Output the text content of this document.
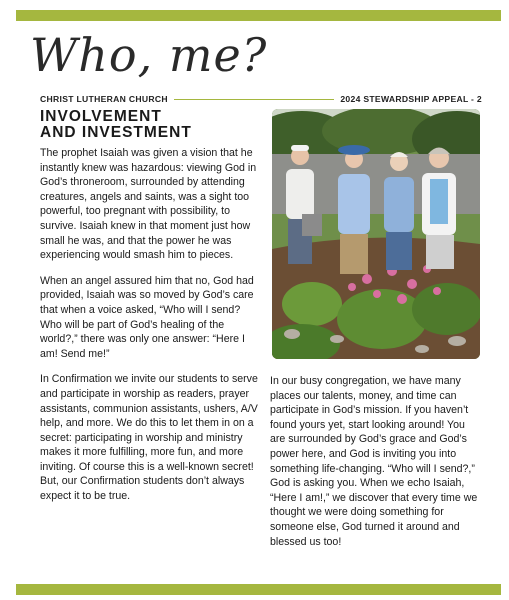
Who, me?
CHRIST LUTHERAN CHURCH	2024 STEWARDSHIP APPEAL - 2
INVOLVEMENT
AND INVESTMENT

The prophet Isaiah was given a vision that he instantly knew was hazardous: viewing God in God’s throneroom, surrounded by attending creatures, angels and saints, was a sight too powerful, too pregnant with possibility, to survive. Isaiah knew in that moment just how small he was, and that the power he was experiencing would smash him to pieces.

When an angel assured him that no, God had provided, Isaiah was so moved by God’s care that when a voice asked, “Who will I send? Who will be part of God’s healing of the world?,” there was only one answer: “Here I am! Send me!”

In Confirmation we invite our students to serve and participate in worship as readers, prayer assistants, communion assistants, ushers, A/V help, and more. We do this to let them in on a secret: participating in worship and ministry makes it more fulfilling, more fun, and more inviting. Of course this is a well-known secret! But, our Confirmation students don’t always expect it to be true.

In our busy congregation, we have many places our talents, money, and time can participate in God’s mission. If you haven’t found yours yet, start looking around! You are surrounded by God’s grace and God’s power here, and God is inviting you into something life-changing. “Who will I send?,” God is asking you. When we echo Isaiah, “Here I am!,” we discover that every time we thought we were doing something for someone else, God turned it around and blessed us too!
